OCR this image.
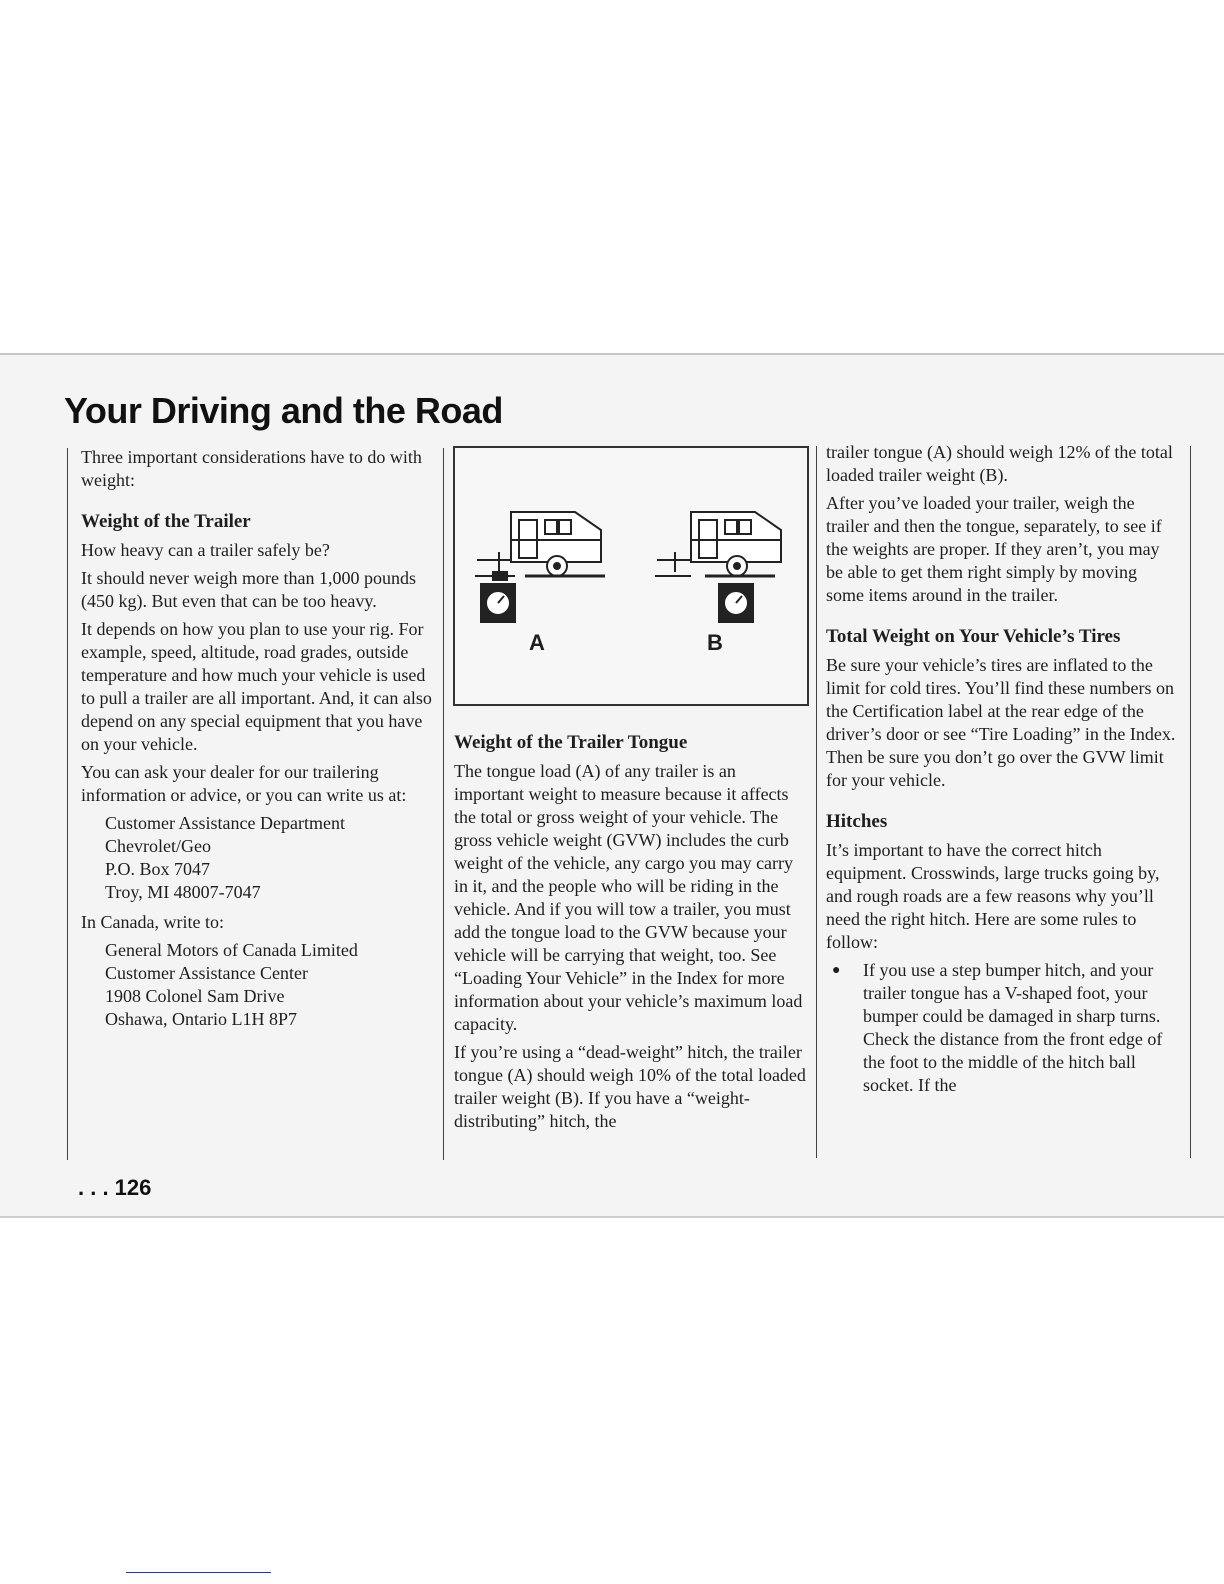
Your Driving and the Road

Three important considerations have to do with weight:

Weight of the Trailer

How heavy can a trailer safely be?

It should never weigh more than 1,000 pounds (450 kg). But even that can be too heavy.

It depends on how you plan to use your rig. For example, speed, altitude, road grades, outside temperature and how much your vehicle is used to pull a trailer are all important. And, it can also depend on any special equipment that you have on your vehicle.

You can ask your dealer for our trailering information or advice, or you can write us at:

Customer Assistance Department
Chevrolet/Geo
P.O. Box 7047
Troy, MI 48007-7047

In Canada, write to:

General Motors of Canada Limited
Customer Assistance Center
1908 Colonel Sam Drive
Oshawa, Ontario L1H 8P7
A	B
Weight of the Trailer Tongue

The tongue load (A) of any trailer is an important weight to measure because it affects the total or gross weight of your vehicle. The gross vehicle weight (GVW) includes the curb weight of the vehicle, any cargo you may carry in it, and the people who will be riding in the vehicle. And if you will tow a trailer, you must add the tongue load to the GVW because your vehicle will be carrying that weight, too. See “Loading Your Vehicle” in the Index for more information about your vehicle’s maximum load capacity.

If you’re using a “dead-weight” hitch, the trailer tongue (A) should weigh 10% of the total loaded trailer weight (B). If you have a “weight-distributing” hitch, the

trailer tongue (A) should weigh 12% of the total loaded trailer weight (B).

After you’ve loaded your trailer, weigh the trailer and then the tongue, separately, to see if the weights are proper. If they aren’t, you may be able to get them right simply by moving some items around in the trailer.

Total Weight on Your Vehicle’s Tires

Be sure your vehicle’s tires are inflated to the limit for cold tires. You’ll find these numbers on the Certification label at the rear edge of the driver’s door or see “Tire Loading” in the Index. Then be sure you don’t go over the GVW limit for your vehicle.

Hitches

It’s important to have the correct hitch equipment. Crosswinds, large trucks going by, and rough roads are a few reasons why you’ll need the right hitch. Here are some rules to follow:

●	If you use a step bumper hitch, and your trailer tongue has a V-shaped foot, your bumper could be damaged in sharp turns. Check the distance from the front edge of the foot to the middle of the hitch ball socket. If the
. . . 126
